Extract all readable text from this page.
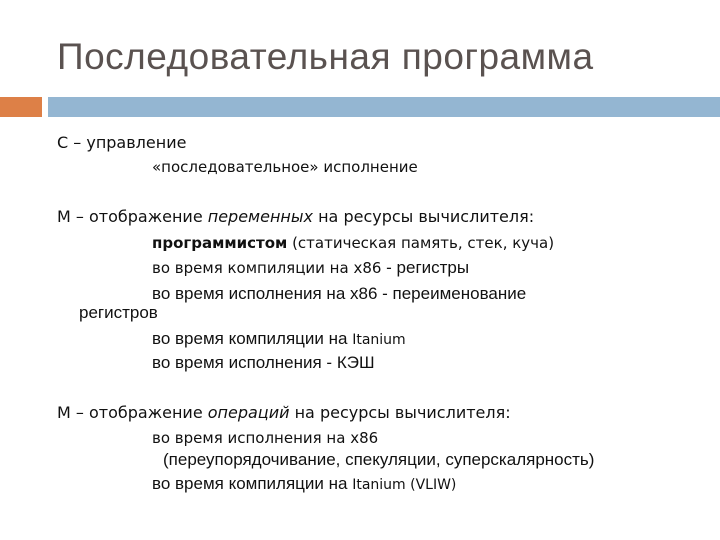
Последовательная программа
С – управление
«последовательное» исполнение
М – отображение переменных на ресурсы вычислителя:
программистом (статическая память, стек, куча)
во время компиляции на x86 - регистры
во время исполнения на x86 - переименование
регистров
во время компиляции на Itanium
во время исполнения - КЭШ
М – отображение операций на ресурсы вычислителя:
во время исполнения на x86
(переупорядочивание, спекуляции, суперскалярность)
во время компиляции на Itanium (VLIW)
